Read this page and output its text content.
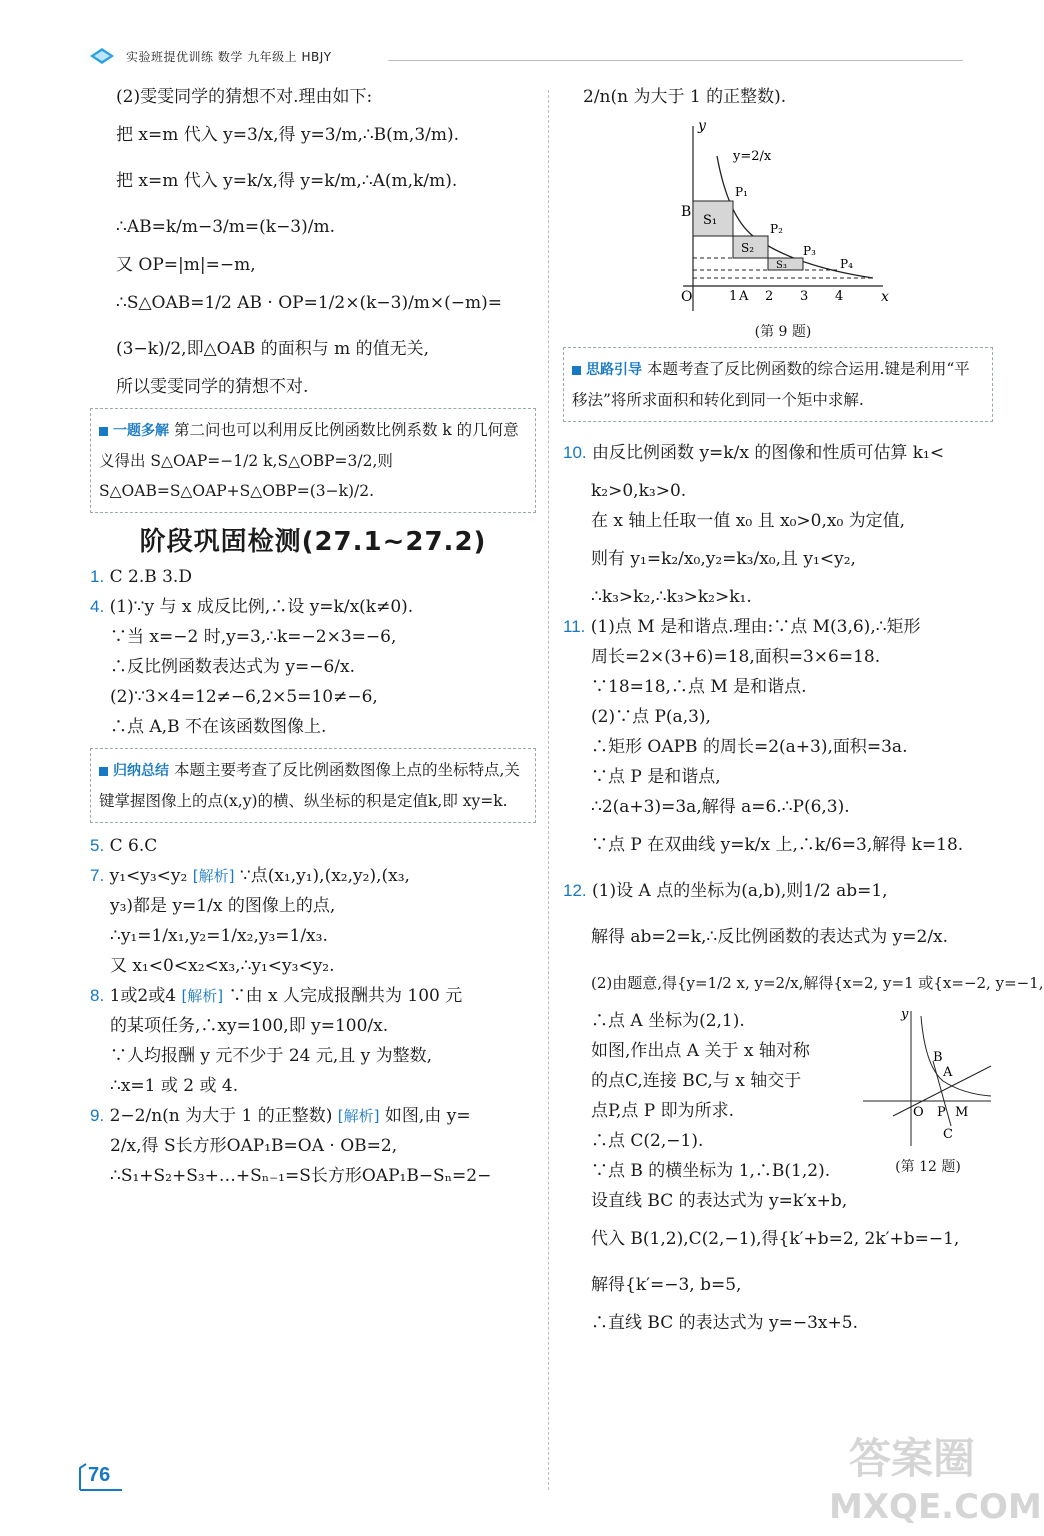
实验班提优训练 数学 九年级上 HBJY
(2)雯雯同学的猜想不对.理由如下:
把 x=m 代入 y=3/x,得 y=3/m,∴B(m,3/m).
把 x=m 代入 y=k/x,得 y=k/m,∴A(m,k/m).
∴AB=k/m−3/m=(k−3)/m.
又 OP=|m|=−m,
∴S△OAB=1/2 AB · OP=1/2×(k−3)/m×(−m)=
(3−k)/2,即△OAB 的面积与 m 的值无关,
所以雯雯同学的猜想不对.
一题多解 第二问也可以利用反比例函数比例系数 k 的几何意义得出 S△OAP=−1/2 k,S△OBP=3/2,则 S△OAB=S△OAP+S△OBP=(3−k)/2.
阶段巩固检测(27.1~27.2)
1. C 2.B 3.D
4. (1)∵y 与 x 成反比例,∴设 y=k/x(k≠0).
∵当 x=−2 时,y=3,∴k=−2×3=−6,
∴反比例函数表达式为 y=−6/x.
(2)∵3×4=12≠−6,2×5=10≠−6,
∴点 A,B 不在该函数图像上.
归纳总结 本题主要考查了反比例函数图像上点的坐标特点,关键掌握图像上的点(x,y)的横、纵坐标的积是定值k,即 xy=k.
5. C 6.C
7. y₁<y₃<y₂ [解析] ∵点(x₁,y₁),(x₂,y₂),(x₃,
y₃)都是 y=1/x 的图像上的点,
∴y₁=1/x₁,y₂=1/x₂,y₃=1/x₃.
又 x₁<0<x₂<x₃,∴y₁<y₃<y₂.
8. 1或2或4 [解析] ∵由 x 人完成报酬共为 100 元
的某项任务,∴xy=100,即 y=100/x.
∵人均报酬 y 元不少于 24 元,且 y 为整数,
∴x=1 或 2 或 4.
9. 2−2/n(n 为大于 1 的正整数) [解析] 如图,由 y=
2/x,得 S长方形OAP₁B=OA · OB=2,
∴S₁+S₂+S₃+…+Sₙ₋₁=S长方形OAP₁B−Sₙ=2−
2/n(n 为大于 1 的正整数).
B
O
y
x
y=2/x
A
1 2 3 4
P₁
P₂
P₃
P₄
S₁
S₂
S₃
(第 9 题)
思路引导 本题考查了反比例函数的综合运用.键是利用“平移法”将所求面积和转化到同一个矩中求解.
10. 由反比例函数 y=k/x 的图像和性质可估算 k₁<
k₂>0,k₃>0.
在 x 轴上任取一值 x₀ 且 x₀>0,x₀ 为定值,
则有 y₁=k₂/x₀,y₂=k₃/x₀,且 y₁<y₂,
∴k₃>k₂,∴k₃>k₂>k₁.
11. (1)点 M 是和谐点.理由:∵点 M(3,6),∴矩形
周长=2×(3+6)=18,面积=3×6=18.
∵18=18,∴点 M 是和谐点.
(2)∵点 P(a,3),
∴矩形 OAPB 的周长=2(a+3),面积=3a.
∵点 P 是和谐点,
∴2(a+3)=3a,解得 a=6.∴P(6,3).
∵点 P 在双曲线 y=k/x 上,∴k/6=3,解得 k=18.
12. (1)设 A 点的坐标为(a,b),则1/2 ab=1,
解得 ab=2=k,∴反比例函数的表达式为 y=2/x.
(2)由题意,得{y=1/2 x, y=2/x,解得{x=2, y=1 或{x=−2, y=−1,
∴点 A 坐标为(2,1).
如图,作出点 A 关于 x 轴对称
的点C,连接 BC,与 x 轴交于
点P,点 P 即为所求.
∴点 C(2,−1).
∵点 B 的横坐标为 1,∴B(1,2).
y
B
A
O P M
C
(第 12 题)
设直线 BC 的表达式为 y=k′x+b,
代入 B(1,2),C(2,−1),得{k′+b=2, 2k′+b=−1,
解得{k′=−3, b=5,
∴直线 BC 的表达式为 y=−3x+5.
76	答案圈
MXQE.COM
